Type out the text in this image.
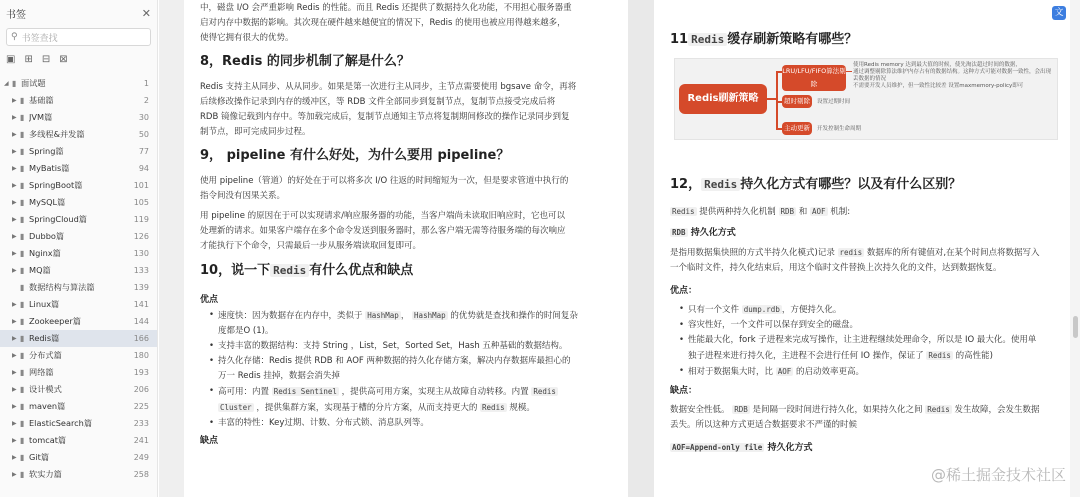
书签	✕
⚲ 书签查找
▣ ⊞ ⊟ ⊠
◢ ▮ 面试题	1
▶ ▮ 基础篇	2
▶ ▮ JVM篇	30
▶ ▮ 多线程&并发篇	50
▶ ▮ Spring篇	77
▶ ▮ MyBatis篇	94
▶ ▮ SpringBoot篇	101
▶ ▮ MySQL篇	105
▶ ▮ SpringCloud篇	119
▶ ▮ Dubbo篇	126
▶ ▮ Nginx篇	130
▶ ▮ MQ篇	133
▮ 数据结构与算法篇	139
▶ ▮ Linux篇	141
▶ ▮ Zookeeper篇	144
▶ ▮ Redis篇	166
▶ ▮ 分布式篇	180
▶ ▮ 网络篇	193
▶ ▮ 设计模式	206
▶ ▮ maven篇	225
▶ ▮ ElasticSearch篇	233
▶ ▮ tomcat篇	241
▶ ▮ Git篇	249
▶ ▮ 软实力篇	258
中，磁盘 I/O 会严重影响 Redis 的性能。而且 Redis 还提供了数据持久化功能，不用担心服务器重
启对内存中数据的影响。其次现在硬件越来越便宜的情况下，Redis 的使用也被应用得越来越多，
使得它拥有很大的优势。
8，Redis 的同步机制了解是什么？
Redis 支持主从同步、从从同步。如果是第一次进行主从同步，主节点需要使用 bgsave 命令，再将
后续修改操作记录到内存的缓冲区，等 RDB 文件全部同步到复制节点，复制节点接受完成后将
RDB 镜像记载到内存中。等加载完成后，复制节点通知主节点将复制期间修改的操作记录同步到复
制节点，即可完成同步过程。
9， pipeline 有什么好处，为什么要用 pipeline？
使用 pipeline（管道）的好处在于可以将多次 I/O 往返的时间缩短为一次，但是要求管道中执行的
指令间没有因果关系。
用 pipeline 的原因在于可以实现请求/响应服务器的功能，当客户端尚未读取旧响应时，它也可以
处理新的请求。如果客户端存在多个命令发送到服务器时，那么客户端无需等待服务端的每次响应
才能执行下个命令，只需最后一步从服务端读取回复即可。
10，说一下 Redis 有什么优点和缺点
优点
• 速度快：因为数据存在内存中，类似于 HashMap ， HashMap 的优势就是查找和操作的时间复杂
度都是O (1)。
• 支持丰富的数据结构：支持 String ，List，Set，Sorted Set，Hash 五种基础的数据结构。
• 持久化存储：Redis 提供 RDB 和 AOF 两种数据的持久化存储方案，解决内存数据库最担心的
万一 Redis 挂掉，数据会消失掉
• 高可用：内置 Redis Sentinel ，提供高可用方案，实现主从故障自动转移。内置 Redis
Cluster ，提供集群方案，实现基于槽的分片方案，从而支持更大的 Redis 规模。
• 丰富的特性：Key过期、计数、分布式锁、消息队列等。
缺点
11 Redis 缓存刷新策略有哪些？
12， Redis 持久化方式有哪些？以及有什么区别？
Redis 提供两种持久化机制 RDB 和 AOF 机制:
RDB 持久化方式
是指用数据集快照的方式半持久化模式)记录 redis 数据库的所有键值对,在某个时间点将数据写入
一个临时文件，持久化结束后，用这个临时文件替换上次持久化的文件，达到数据恢复。
优点：
• 只有一个文件 dump.rdb ，方便持久化。
• 容灾性好，一个文件可以保存到安全的磁盘。
• 性能最大化，fork 子进程来完成写操作，让主进程继续处理命令，所以是 IO 最大化。使用单
独子进程来进行持久化，主进程不会进行任何 IO 操作，保证了 Redis 的高性能)
• 相对于数据集大时，比 AOF 的启动效率更高。
缺点：
数据安全性低。 RDB 是间隔一段时间进行持久化，如果持久化之间 Redis 发生故障，会发生数据
丢失。所以这种方式更适合数据要求不严谨的时候
AOF=Append-only file 持久化方式
Redis刷新策略
LRU/LFU/FIFO算法剔除
使用Redis memory 达到最大值的时候，使先淘汰超过时间的数据，
通过调整剔除算法维护内存占有的数据结构。这种方式可能对数据一致性，会出现丢数据的情况
不需要开发人员维护，但一致性比较差 设置maxmemory-policy即可
超时剔除	设置过期时间
主动更新	开发控制生命周期
文
@稀土掘金技术社区
